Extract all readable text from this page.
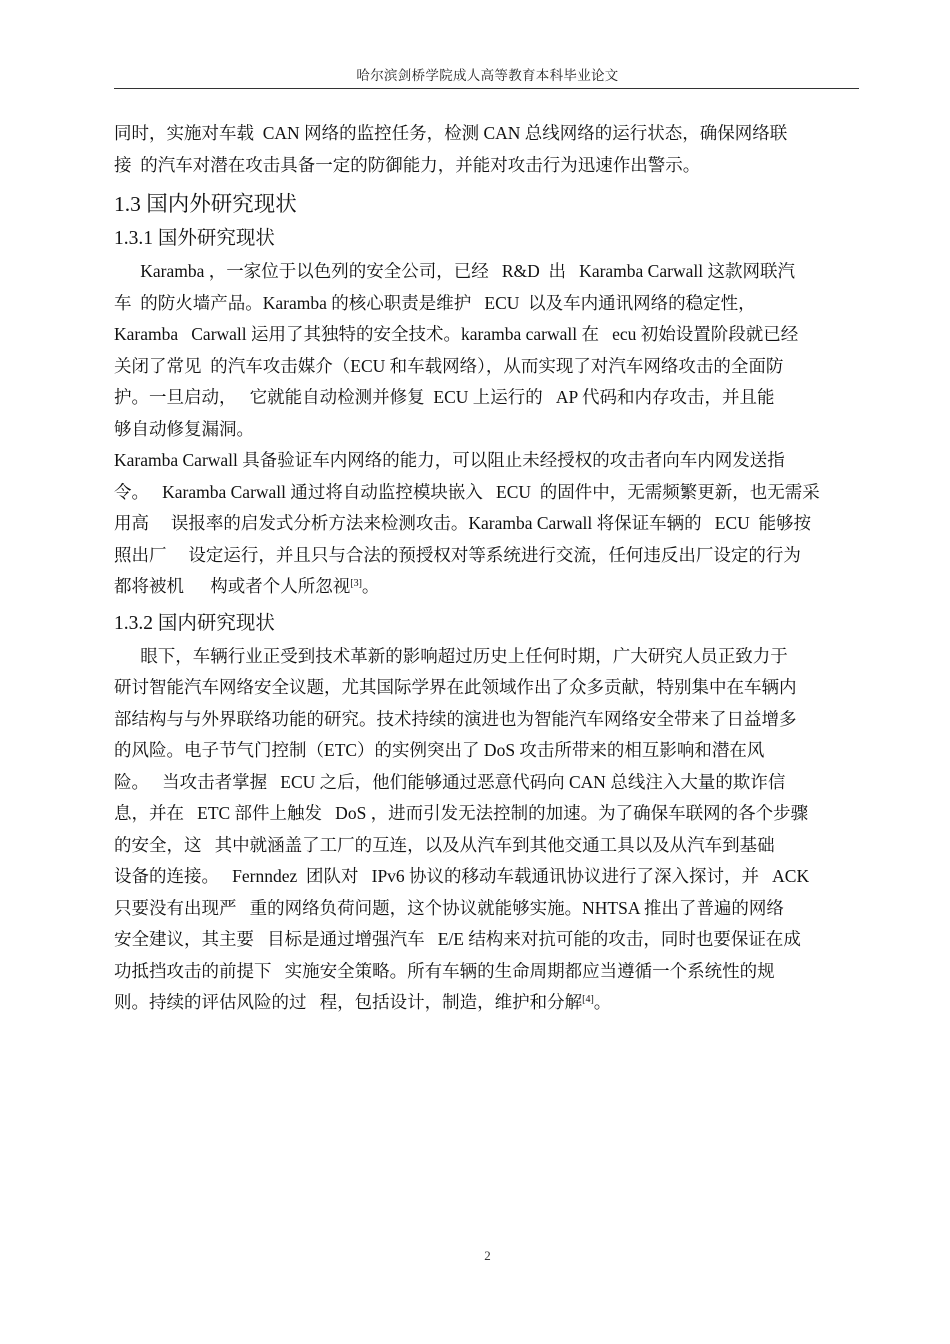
哈尔滨剑桥学院成人高等教育本科毕业论文
同时，实施对车载  CAN 网络的监控任务，检测 CAN 总线网络的运行状态，确保网络联
接  的汽车对潜在攻击具备一定的防御能力，并能对攻击行为迅速作出警示。
1.3 国内外研究现状
1.3.1 国外研究现状
Karamba ，一家位于以色列的安全公司，已经   R&D  出   Karamba Carwall 这款网联汽
车  的防火墙产品。Karamba 的核心职责是维护   ECU  以及车内通讯网络的稳定性，
Karamba   Carwall 运用了其独特的安全技术。karamba carwall 在   ecu 初始设置阶段就已经
关闭了常见  的汽车攻击媒介（ECU 和车载网络），从而实现了对汽车网络攻击的全面防
护。一旦启动，   它就能自动检测并修复  ECU 上运行的   AP 代码和内存攻击，并且能
够自动修复漏洞。
Karamba Carwall 具备验证车内网络的能力，可以阻止未经授权的攻击者向车内网发送指
令。   Karamba Carwall 通过将自动监控模块嵌入   ECU  的固件中，无需频繁更新，也无需采
用高     误报率的启发式分析方法来检测攻击。Karamba Carwall 将保证车辆的   ECU  能够按
照出厂     设定运行，并且只与合法的预授权对等系统进行交流，任何违反出厂设定的行为
都将被机      构或者个人所忽视[3]。
1.3.2 国内研究现状
眼下，车辆行业正受到技术革新的影响超过历史上任何时期，广大研究人员正致力于
研讨智能汽车网络安全议题，尤其国际学界在此领域作出了众多贡献，特别集中在车辆内
部结构与与外界联络功能的研究。技术持续的演进也为智能汽车网络安全带来了日益增多
的风险。电子节气门控制（ETC）的实例突出了 DoS 攻击所带来的相互影响和潜在风
险。   当攻击者掌握   ECU 之后，他们能够通过恶意代码向 CAN 总线注入大量的欺诈信
息，并在   ETC 部件上触发   DoS ，进而引发无法控制的加速。为了确保车联网的各个步骤
的安全，这   其中就涵盖了工厂的互连，以及从汽车到其他交通工具以及从汽车到基础
设备的连接。   Fernndez  团队对   IPv6 协议的移动车载通讯协议进行了深入探讨，并   ACK
只要没有出现严   重的网络负荷问题，这个协议就能够实施。NHTSA 推出了普遍的网络
安全建议，其主要   目标是通过增强汽车   E/E 结构来对抗可能的攻击，同时也要保证在成
功抵挡攻击的前提下   实施安全策略。所有车辆的生命周期都应当遵循一个系统性的规
则。持续的评估风险的过   程，包括设计，制造，维护和分解[4]。
2
